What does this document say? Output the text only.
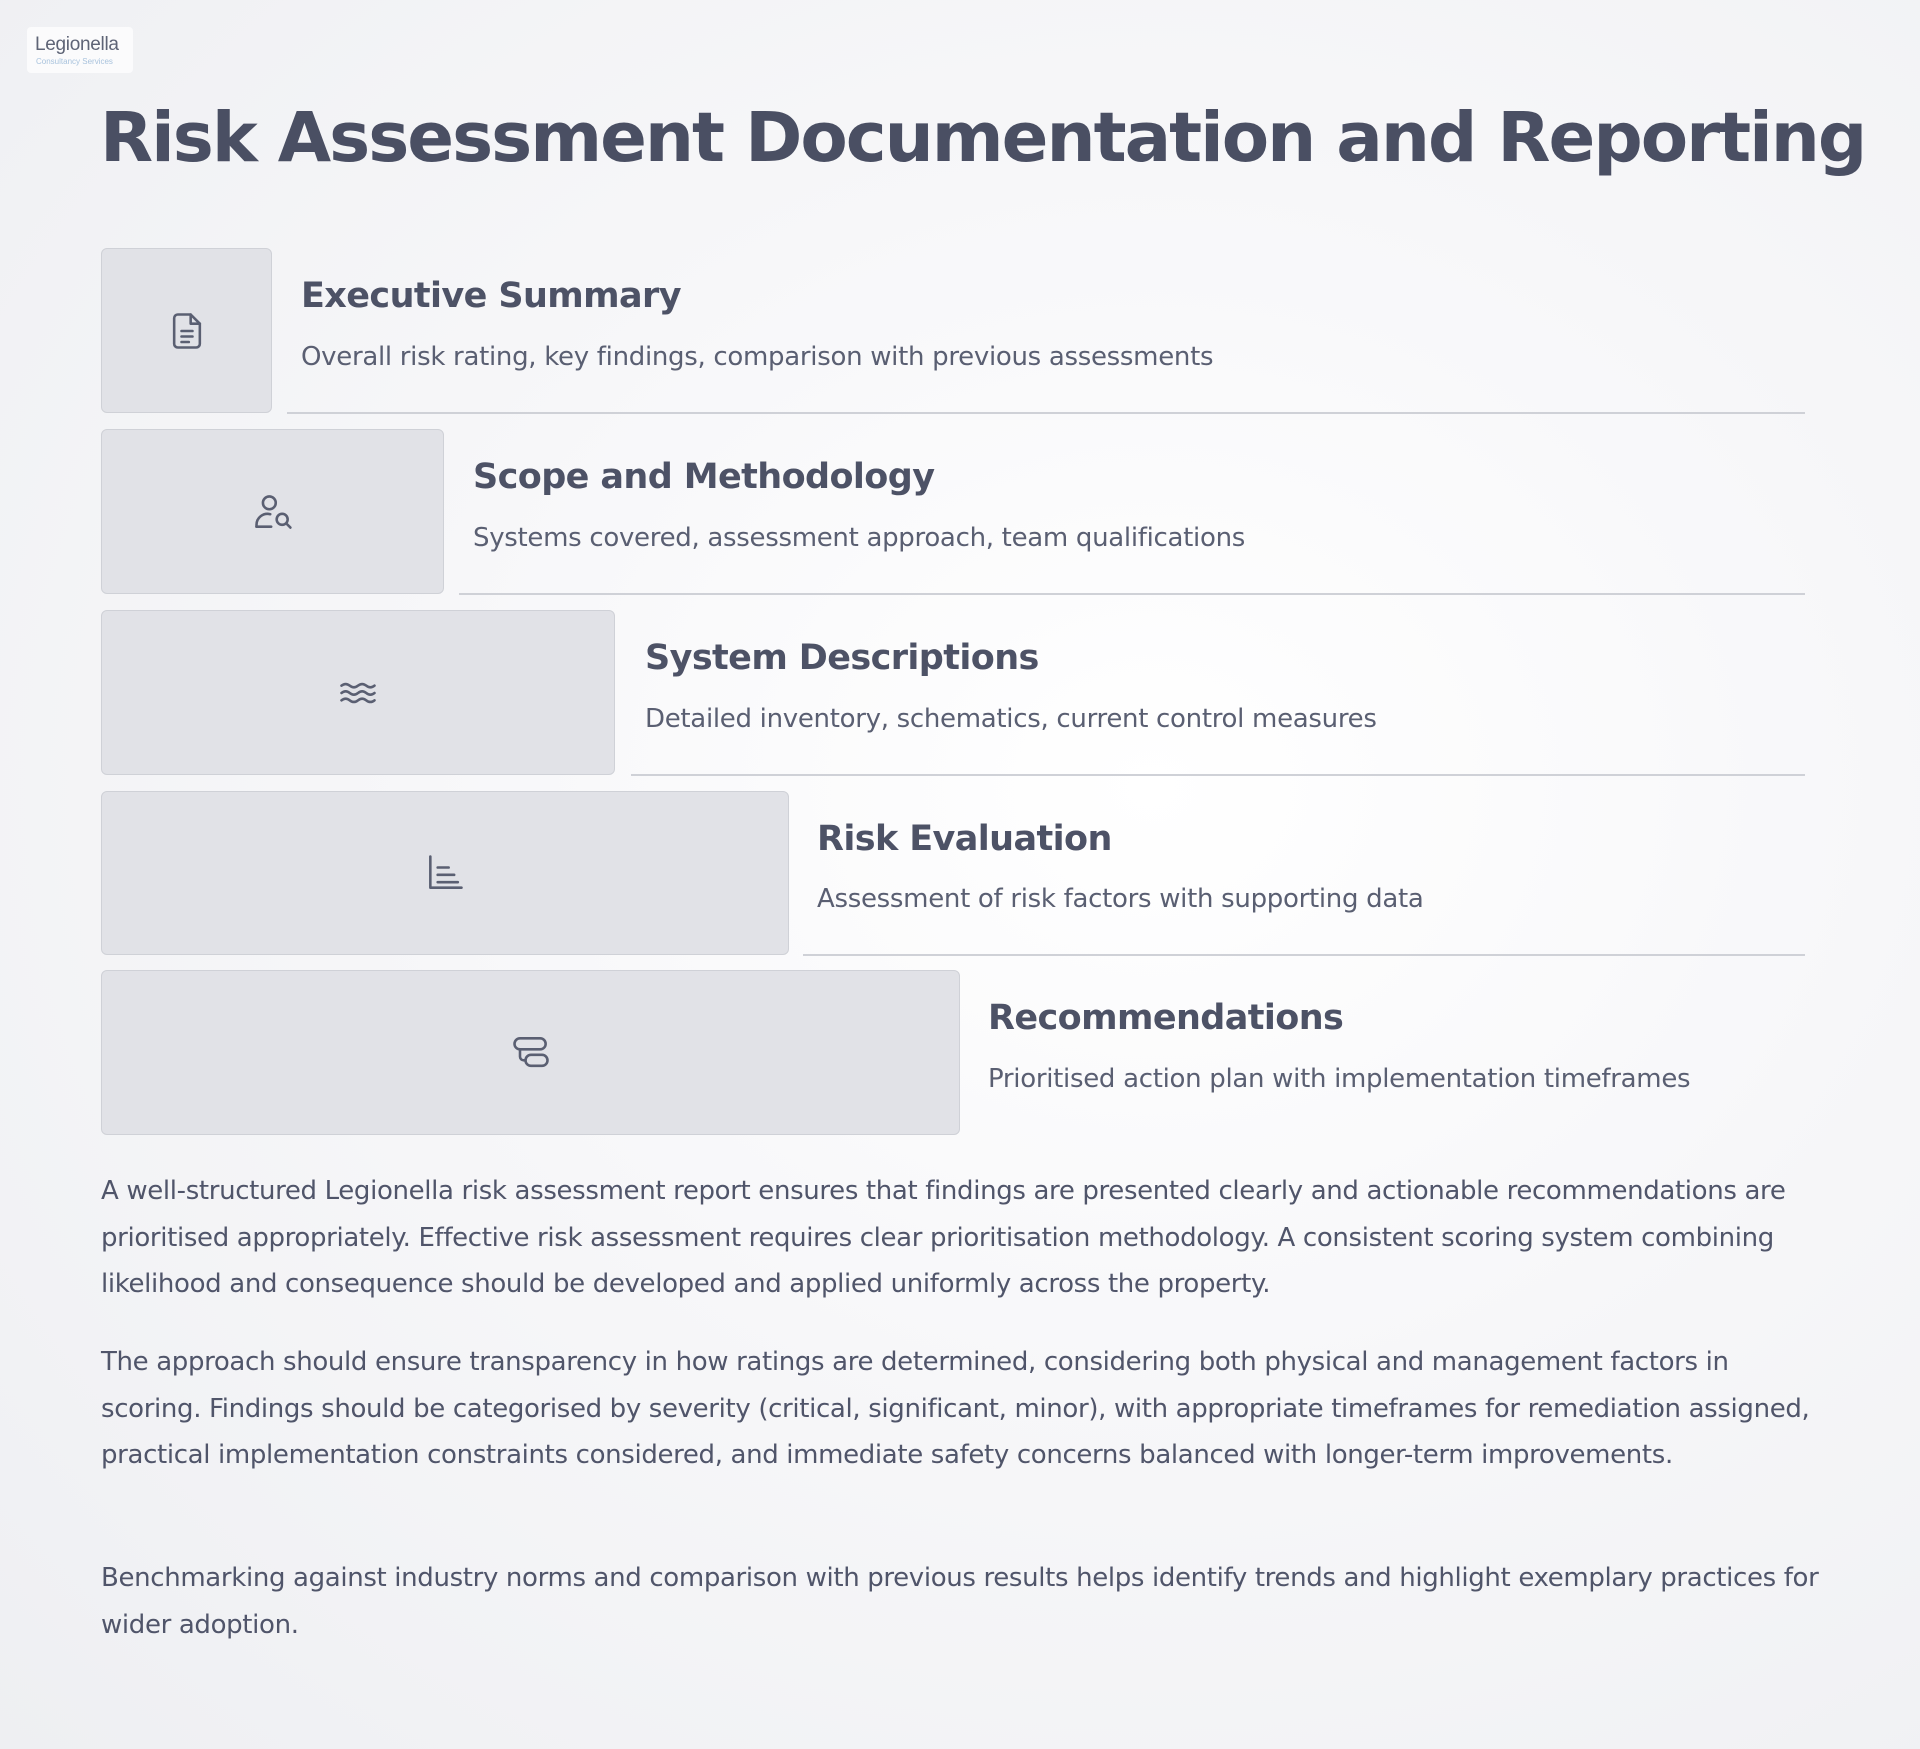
Legionella
Consultancy Services
Risk Assessment Documentation and Reporting
Executive Summary

Overall risk rating, key findings, comparison with previous assessments

Scope and Methodology

Systems covered, assessment approach, team qualifications

System Descriptions

Detailed inventory, schematics, current control measures

Risk Evaluation

Assessment of risk factors with supporting data

Recommendations

Prioritised action plan with implementation timeframes

A well-structured Legionella risk assessment report ensures that findings are presented clearly and actionable recommendations are prioritised appropriately. Effective risk assessment requires clear prioritisation methodology. A consistent scoring system combining likelihood and consequence should be developed and applied uniformly across the property.

The approach should ensure transparency in how ratings are determined, considering both physical and management factors in scoring. Findings should be categorised by severity (critical, significant, minor), with appropriate timeframes for remediation assigned, practical implementation constraints considered, and immediate safety concerns balanced with longer-term improvements.

Benchmarking against industry norms and comparison with previous results helps identify trends and highlight exemplary practices for wider adoption.
